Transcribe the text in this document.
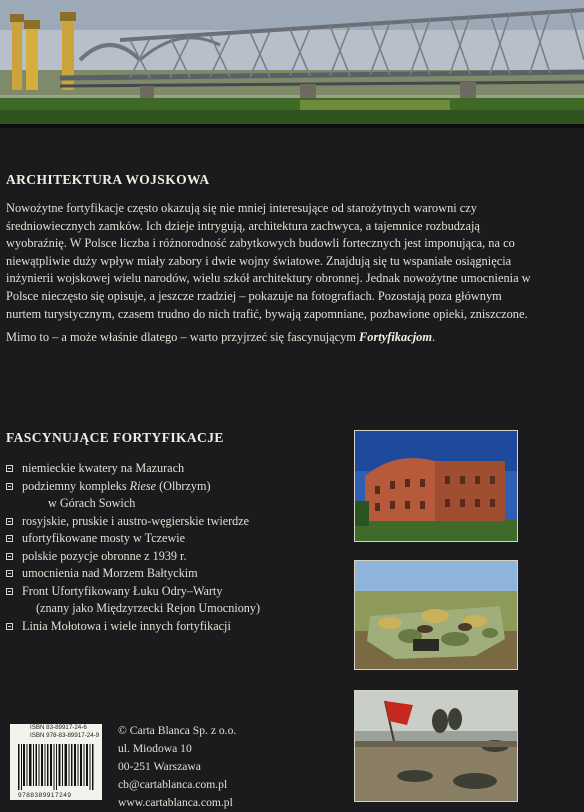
ARCHITEKTURA WOJSKOWA

Nowożytne fortyfikacje często okazują się nie mniej interesujące od starożytnych warowni czy średniowiecznych zamków. Ich dzieje intrygują, architektura zachwyca, a tajemnice rozbudzają wyobraźnię. W Polsce liczba i różnorodność zabytkowych budowli fortecznych jest imponująca, na co niewątpliwie duży wpływ miały zabory i dwie wojny światowe. Znajdują się tu wspaniałe osiągnięcia inżynierii wojskowej wielu narodów, wielu szkół architektury obronnej. Jednak nowożytne umocnienia w Polsce nieczęsto się opisuje, a jeszcze rzadziej – pokazuje na fotografiach. Pozostają poza głównym nurtem turystycznym, czasem trudno do nich trafić, bywają zapomniane, pozbawione opieki, zniszczone.

Mimo to – a może właśnie dlatego – warto przyjrzeć się fascynującym Fortyfikacjom.

FASCYNUJĄCE FORTYFIKACJE
niemieckie kwatery na Mazurach
podziemny kompleks Riese (Olbrzym)
w Górach Sowich
rosyjskie, pruskie i austro-węgierskie twierdze
ufortyfikowane mosty w Tczewie
polskie pozycje obronne z 1939 r.
umocnienia nad Morzem Bałtyckim
Front Ufortyfikowany Łuku Odry–Warty
(znany jako Międzyrzecki Rejon Umocniony)
Linia Mołotowa i wiele innych fortyfikacji
ISBN 83-89917-24-6
ISBN 978-83-89917-24-9
9788389917249
© Carta Blanca Sp. z o.o.
ul. Miodowa 10
00-251 Warszawa
cb@cartablanca.com.pl
www.cartablanca.com.pl
